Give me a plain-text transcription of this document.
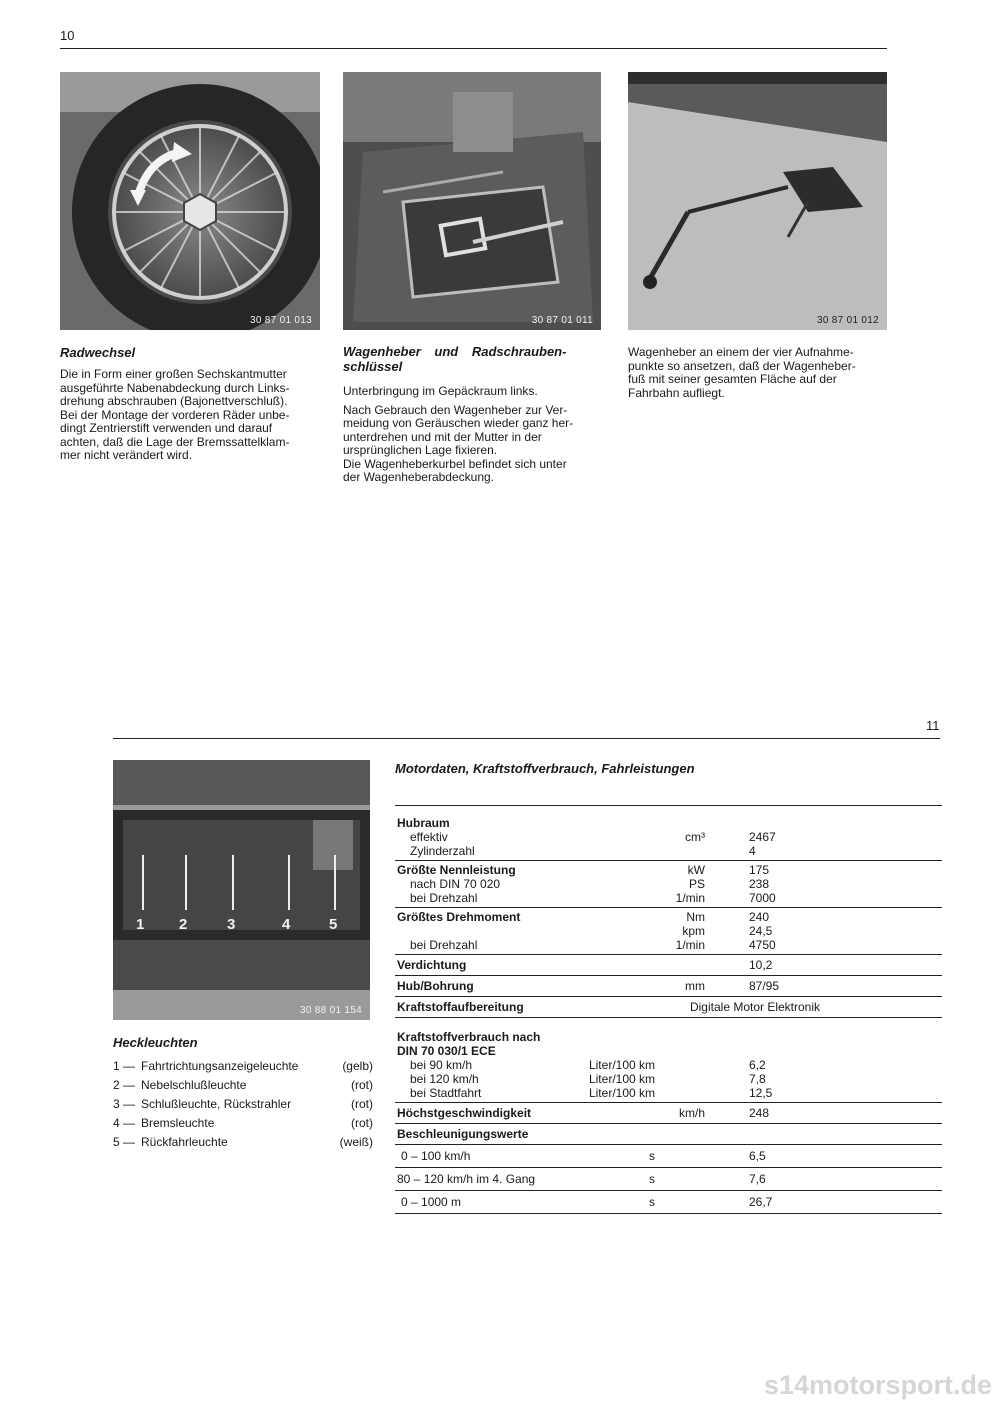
10
30 87 01 013	30 87 01 011	30 87 01 012
Radwechsel

Die in Form einer großen Sechskantmutter

ausgeführte Nabenabdeckung durch Links-

drehung abschrauben (Bajonettverschluß).

Bei der Montage der vorderen Räder unbe-

dingt Zentrierstift verwenden und darauf

achten, daß die Lage der Bremssattelklam-

mer nicht verändert wird.

Wagenheber und Radschrauben-
schlüssel

Unterbringung im Gepäckraum links.

Nach Gebrauch den Wagenheber zur Ver-

meidung von Geräuschen wieder ganz her-

unterdrehen und mit der Mutter in der

ursprünglichen Lage fixieren.

Die Wagenheberkurbel befindet sich unter

der Wagenheberabdeckung.

Wagenheber an einem der vier Aufnahme-

punkte so ansetzen, daß der Wagenheber-

fuß mit seiner gesamten Fläche auf der

Fahrbahn aufliegt.

11
1 2	3	4	5
30 88 01 154
Heckleuchten
1 — Fahrtrichtungsanzeigeleuchte	(gelb)
2 — Nebelschlußleuchte	(rot)
3 — Schlußleuchte, Rückstrahler	(rot)
4 — Bremsleuchte	(rot)
5 — Rückfahrleuchte	(weiß)
Motordaten, Kraftstoffverbrauch, Fahrleistungen
Hubraum
effektiv	cm³	2467
Zylinderzahl	4
Größte Nennleistung	kW	175
nach DIN 70 020	PS	238
bei Drehzahl	1/min	7000
Größtes Drehmoment	Nm	240
kpm	24,5
bei Drehzahl	1/min	4750
Verdichtung	10,2
Hub/Bohrung	mm	87/95
Kraftstoffaufbereitung	Digitale Motor Elektronik
Kraftstoffverbrauch nach
DIN 70 030/1 ECE
bei 90 km/h	Liter/100 km	6,2
bei 120 km/h	Liter/100 km	7,8
bei Stadtfahrt	Liter/100 km	12,5
Höchstgeschwindigkeit	km/h	248
Beschleunigungswerte
0 – 100 km/h	s	6,5
80 – 120 km/h im 4. Gang	s	7,6
0 – 1000 m	s	26,7
s14motorsport.de
